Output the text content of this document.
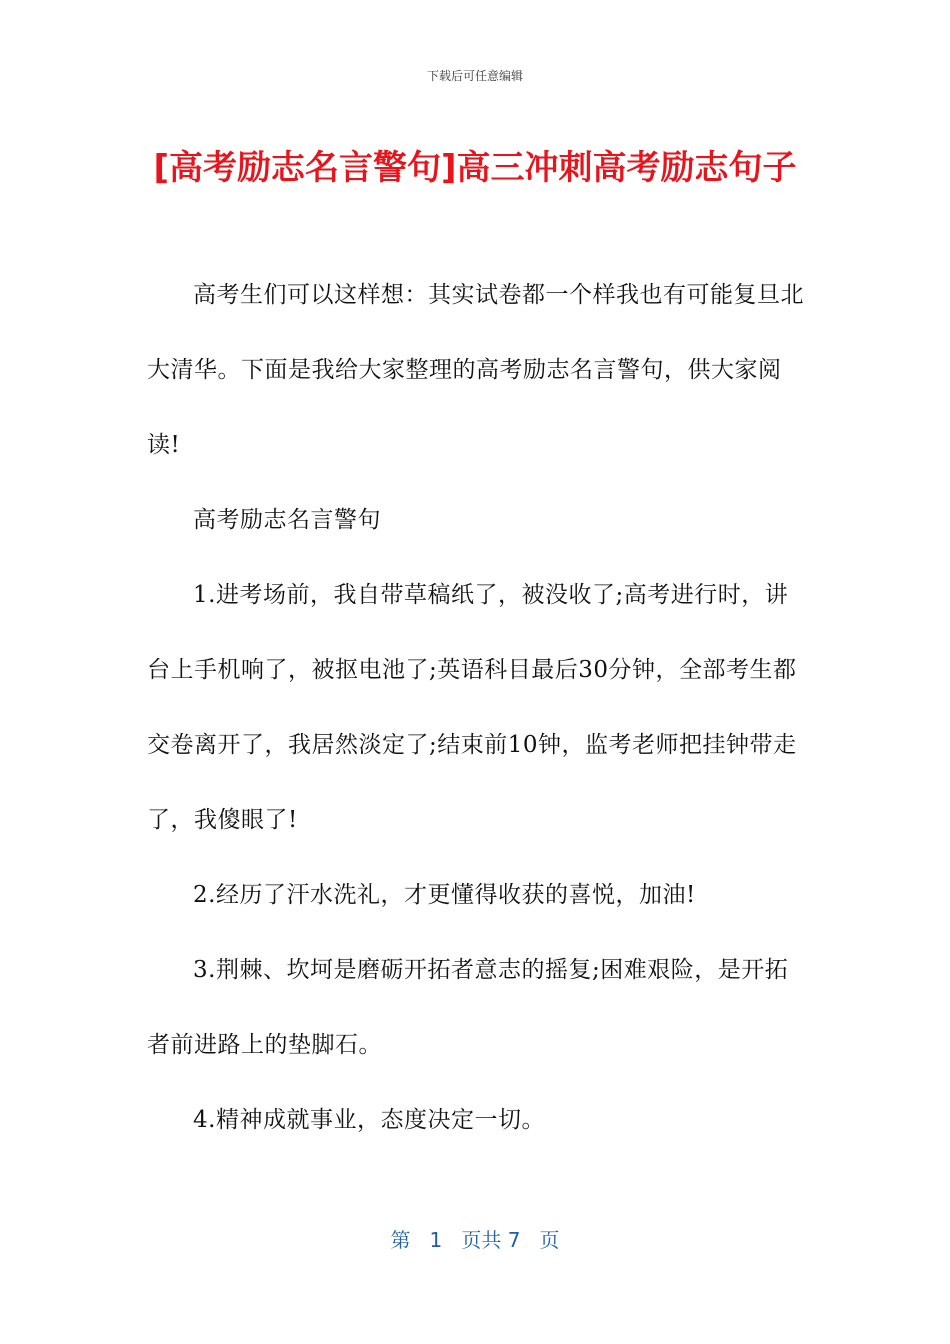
下载后可任意编辑
[高考励志名言警句]高三冲刺高考励志句子

高考生们可以这样想：其实试卷都一个样我也有可能复旦北大清华。下面是我给大家整理的高考励志名言警句，供大家阅读!

高考励志名言警句

1.进考场前，我自带草稿纸了，被没收了;高考进行时，讲台上手机响了，被抠电池了;英语科目最后30分钟，全部考生都交卷离开了，我居然淡定了;结束前10钟，监考老师把挂钟带走了，我傻眼了!

2.经历了汗水洗礼，才更懂得收获的喜悦，加油!

3.荆棘、坎坷是磨砺开拓者意志的摇复;困难艰险，是开拓者前进路上的垫脚石。

4.精神成就事业，态度决定一切。

第 1 页共 7 页
